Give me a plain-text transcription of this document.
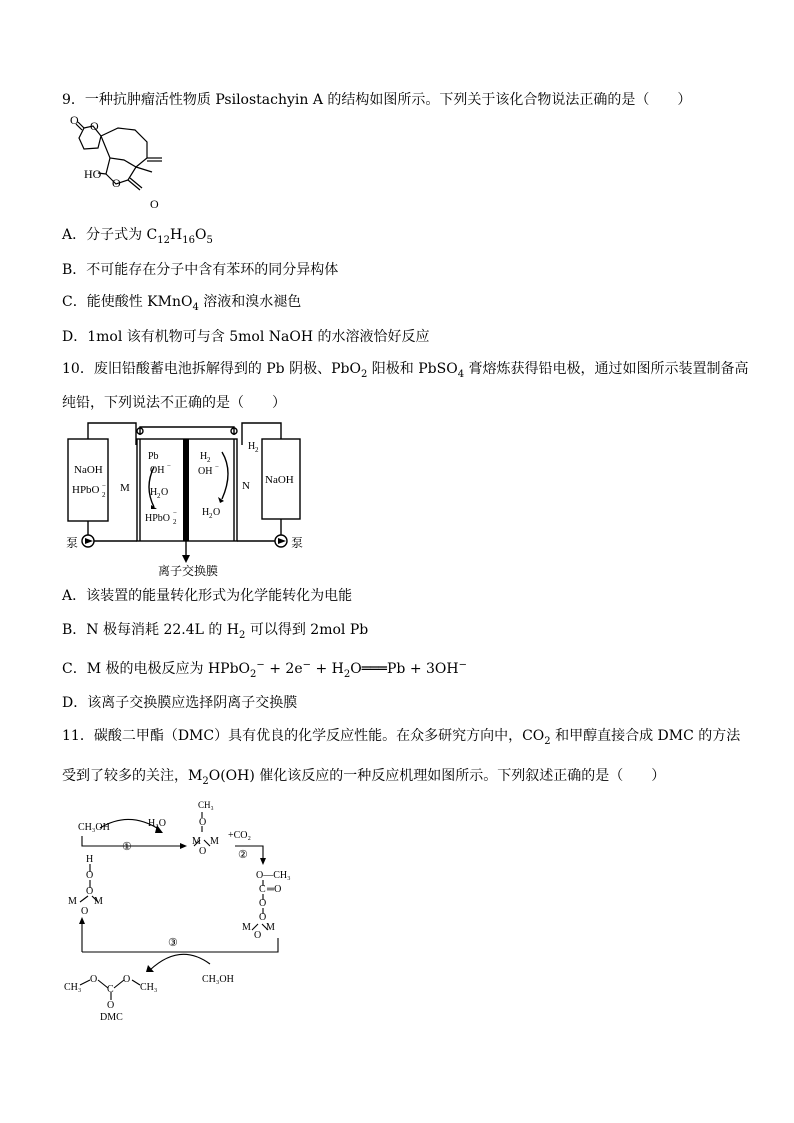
9．一种抗肿瘤活性物质 Psilostachyin A 的结构如图所示。下列关于该化合物说法正确的是（　　）
O O
HO
O
O
A．分子式为 $C_{12}H_{16}O_5$
B．不可能存在分子中含有苯环的同分异构体
C．能使酸性 KMnO$_4$ 溶液和溴水褪色
D．1mol 该有机物可与含 5mol NaOH 的水溶液恰好反应
10．废旧铅酸蓄电池拆解得到的 Pb 阴极、PbO$_2$ 阳极和 PbSO$_4$ 膏熔炼获得铅电极，通过如图所示装置制备高
纯铅，下列说法不正确的是（　　）
NaOH
HPbO 2
− M
Pb
OH −
H 2 O
HPbO 2
−
H 2
OH −
H 2 O
H 2
N NaOH
泵	泵
离子交换膜
A．该装置的能量转化形式为化学能转化为电能
B．N 极每消耗 22.4L 的 $H_2$ 可以得到 2mol Pb
C．M 极的电极反应为 HPbO$_2$− + $2e^- + H_2O═══Pb + 3OH^-$
D．该离子交换膜应选择阴离子交换膜
11．碳酸二甲酯（DMC）具有优良的化学反应性能。在众多研究方向中，$CO_2$ 和甲醇直接合成 DMC 的方法
受到了较多的关注，$M_2O(OH)$ 催化该反应的一种反应机理如图所示。下列叙述正确的是（　　）
CH₃OH	H₂O
①
CH₃
O
M M
O
+CO₂
②
O—CH₃
C ═O
O
O
M M
O
H
O
O
M M
O
③
CH₃OH
CH₃
O
C
O
CH₃
O
DMC
